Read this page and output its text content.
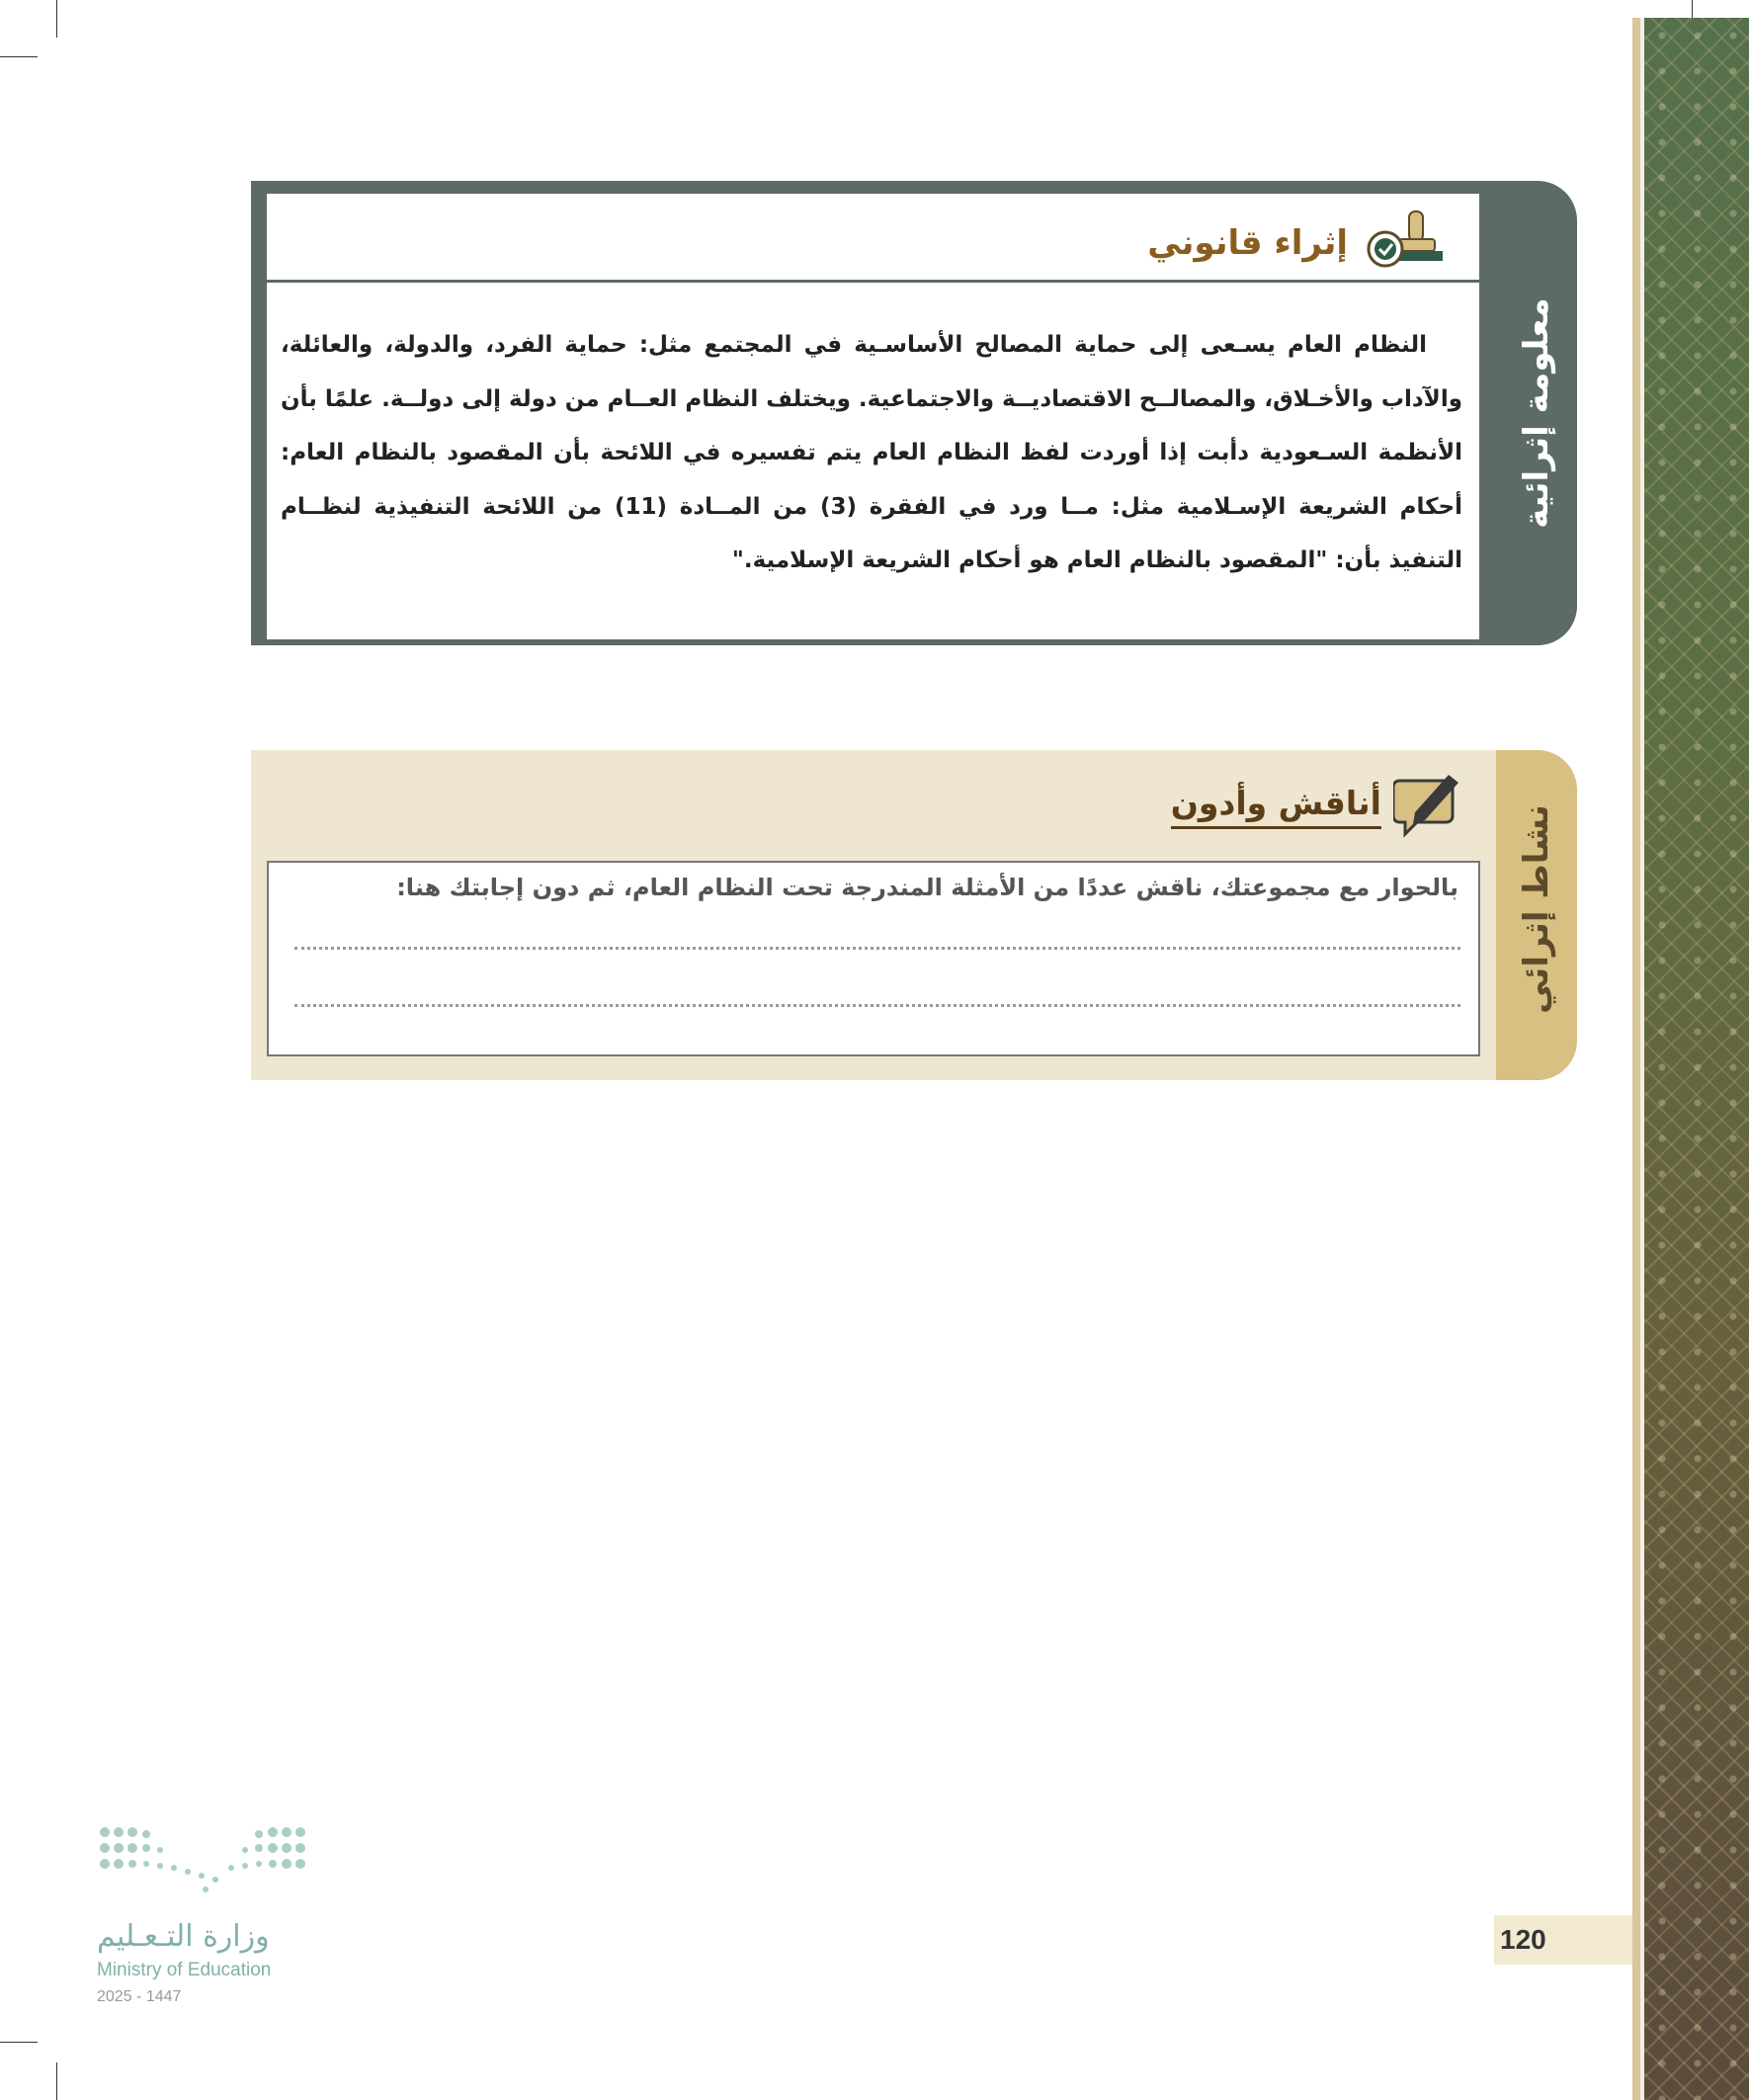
معلومة إثرائية
إثراء قانوني
النظام العام يسـعى إلى حماية المصالح الأساسـية في المجتمع مثل: حماية الفرد، والدولة، والعائلة، والآداب والأخـلاق، والمصالــح الاقتصاديــة والاجتماعية. ويختلف النظام العــام من دولة إلى دولــة. علمًا بأن الأنظمة السـعودية دأبت إذا أوردت لفظ النظام العام يتم تفسيره في اللائحة بأن المقصود بالنظام العام: أحكام الشريعة الإسـلامية مثل: مــا ورد في الفقرة (3) من المــادة (11) من اللائحة التنفيذية لنظــام التنفيذ بأن: "المقصود بالنظام العام هو أحكام الشريعة الإسلامية."
نشاط إثرائي
أناقش وأدون
بالحوار مع مجموعتك، ناقش عددًا من الأمثلة المندرجة تحت النظام العام، ثم دون إجابتك هنا:
120
وزارة التـعـليم
Ministry of Education
2025 - 1447
